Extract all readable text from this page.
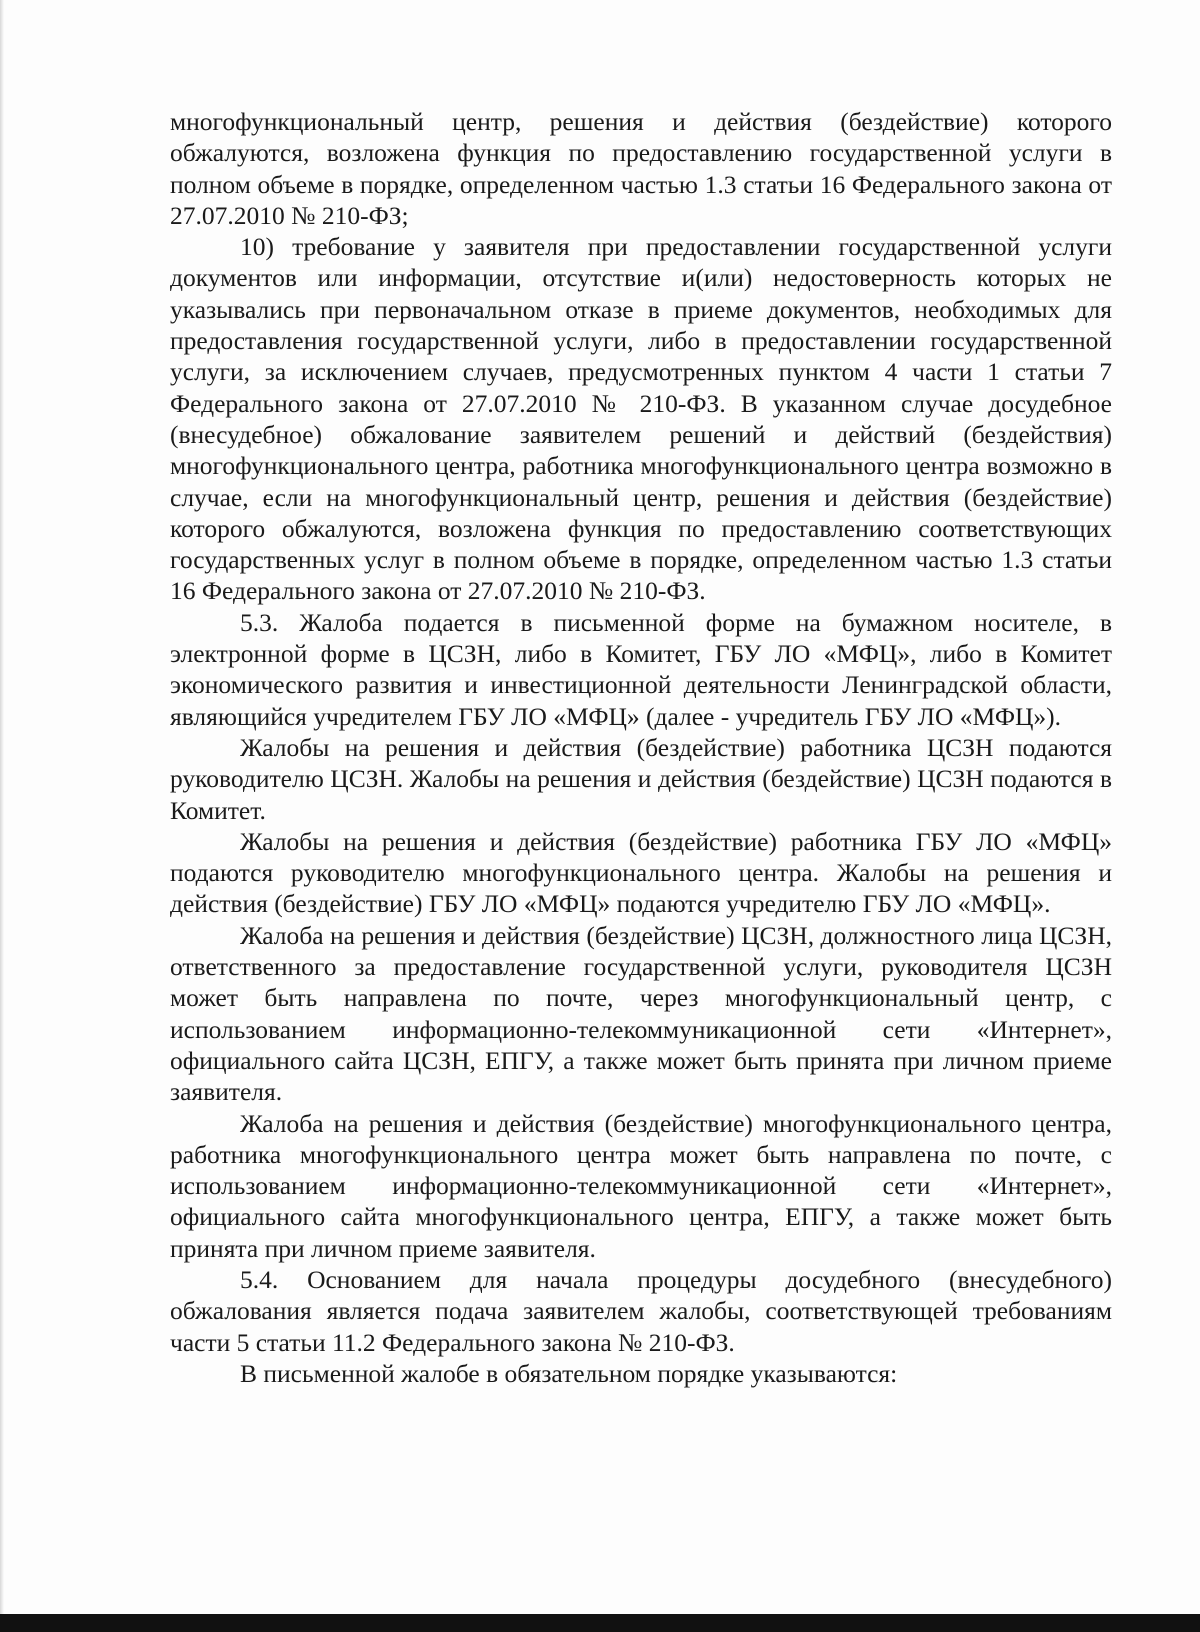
многофункциональный центр, решения и действия (бездействие) которого обжалуются, возложена функция по предоставлению государственной услуги в полном объеме в порядке, определенном частью 1.3 статьи 16 Федерального закона от 27.07.2010 № 210-ФЗ;

10) требование у заявителя при предоставлении государственной услуги документов или информации, отсутствие и(или) недостоверность которых не указывались при первоначальном отказе в приеме документов, необходимых для предоставления государственной услуги, либо в предоставлении государственной услуги, за исключением случаев, предусмотренных пунктом 4 части 1 статьи 7 Федерального закона от 27.07.2010 № 210-ФЗ. В указанном случае досудебное (внесудебное) обжалование заявителем решений и действий (бездействия) многофункционального центра, работника многофункционального центра возможно в случае, если на многофункциональный центр, решения и действия (бездействие) которого обжалуются, возложена функция по предоставлению соответствующих государственных услуг в полном объеме в порядке, определенном частью 1.3 статьи 16 Федерального закона от 27.07.2010 № 210-ФЗ.

5.3. Жалоба подается в письменной форме на бумажном носителе, в электронной форме в ЦСЗН, либо в Комитет, ГБУ ЛО «МФЦ», либо в Комитет экономического развития и инвестиционной деятельности Ленинградской области, являющийся учредителем ГБУ ЛО «МФЦ» (далее - учредитель ГБУ ЛО «МФЦ»).

Жалобы на решения и действия (бездействие) работника ЦСЗН подаются руководителю ЦСЗН. Жалобы на решения и действия (бездействие) ЦСЗН подаются в Комитет.

Жалобы на решения и действия (бездействие) работника ГБУ ЛО «МФЦ» подаются руководителю многофункционального центра. Жалобы на решения и действия (бездействие) ГБУ ЛО «МФЦ» подаются учредителю ГБУ ЛО «МФЦ».

Жалоба на решения и действия (бездействие) ЦСЗН, должностного лица ЦСЗН, ответственного за предоставление государственной услуги, руководителя ЦСЗН может быть направлена по почте, через многофункциональный центр, с использованием информационно-телекоммуникационной сети «Интернет», официального сайта ЦСЗН, ЕПГУ, а также может быть принята при личном приеме заявителя.

Жалоба на решения и действия (бездействие) многофункционального центра, работника многофункционального центра может быть направлена по почте, с использованием информационно-телекоммуникационной сети «Интернет», официального сайта многофункционального центра, ЕПГУ, а также может быть принята при личном приеме заявителя.

5.4. Основанием для начала процедуры досудебного (внесудебного) обжалования является подача заявителем жалобы, соответствующей требованиям части 5 статьи 11.2 Федерального закона № 210-ФЗ.

В письменной жалобе в обязательном порядке указываются:
